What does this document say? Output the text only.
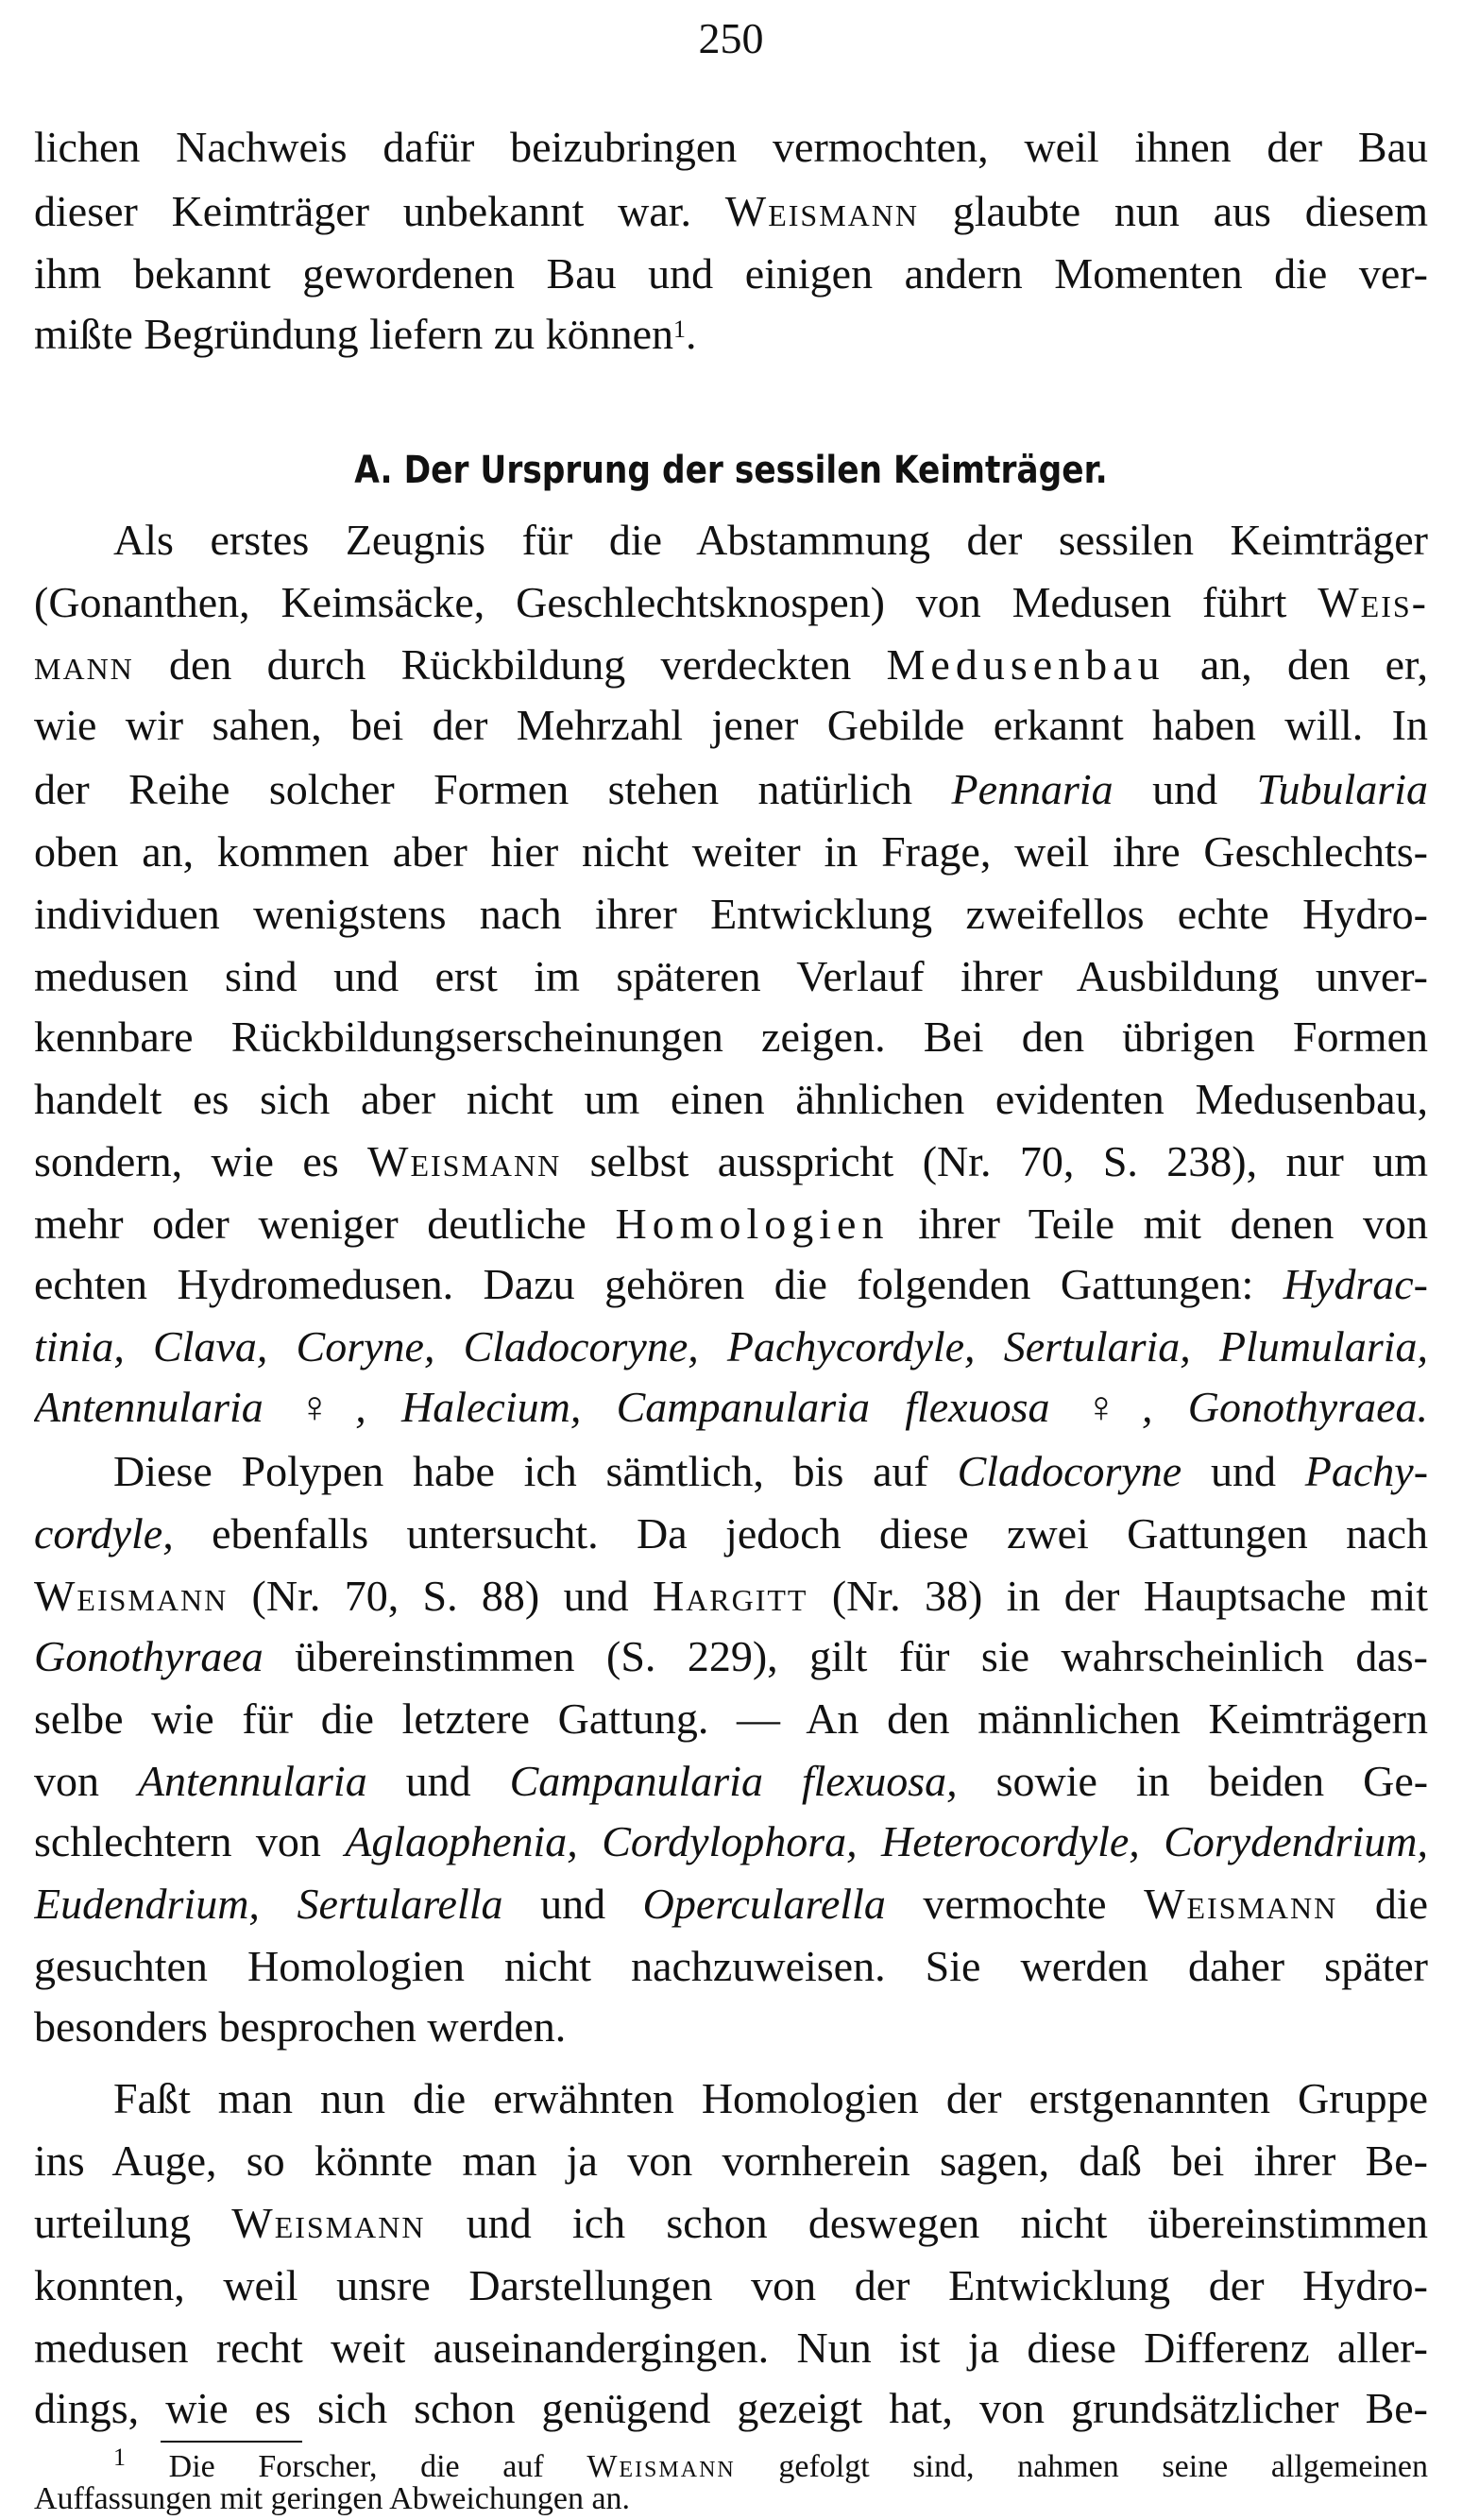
250
lichen Nachweis dafür beizubringen vermochten, weil ihnen der Bau
dieser Keimträger unbekannt war. Weismann glaubte nun aus diesem
ihm bekannt gewordenen Bau und einigen andern Momenten die ver-
mißte Begründung liefern zu können$^1$.
A. Der Ursprung der sessilen Keimträger.
Als erstes Zeugnis für die Abstammung der sessilen Keimträger
(Gonanthen, Keimsäcke, Geschlechtsknospen) von Medusen führt Weis-
mann den durch Rückbildung verdeckten Medusenbau an, den er,
wie wir sahen, bei der Mehrzahl jener Gebilde erkannt haben will. In
der Reihe solcher Formen stehen natürlich Pennaria und Tubularia
oben an, kommen aber hier nicht weiter in Frage, weil ihre Geschlechts-
individuen wenigstens nach ihrer Entwicklung zweifellos echte Hydro-
medusen sind und erst im späteren Verlauf ihrer Ausbildung unver-
kennbare Rückbildungserscheinungen zeigen. Bei den übrigen Formen
handelt es sich aber nicht um einen ähnlichen evidenten Medusenbau,
sondern, wie es Weismann selbst ausspricht (Nr. 70, S. 238), nur um
mehr oder weniger deutliche Homologien ihrer Teile mit denen von
echten Hydromedusen. Dazu gehören die folgenden Gattungen: Hydrac-
tinia, Clava, Coryne, Cladocoryne, Pachycordyle, Sertularia, Plumularia,
Antennularia ♀, Halecium, Campanularia flexuosa ♀, Gonothyraea.
Diese Polypen habe ich sämtlich, bis auf Cladocoryne und Pachy-
cordyle, ebenfalls untersucht. Da jedoch diese zwei Gattungen nach
Weismann (Nr. 70, S. 88) und Hargitt (Nr. 38) in der Hauptsache mit
Gonothyraea übereinstimmen (S. 229), gilt für sie wahrscheinlich das-
selbe wie für die letztere Gattung. — An den männlichen Keimträgern
von Antennularia und Campanularia flexuosa, sowie in beiden Ge-
schlechtern von Aglaophenia, Cordylophora, Heterocordyle, Corydendrium,
Eudendrium, Sertularella und Opercularella vermochte Weismann die
gesuchten Homologien nicht nachzuweisen. Sie werden daher später
besonders besprochen werden.
Faßt man nun die erwähnten Homologien der erstgenannten Gruppe
ins Auge, so könnte man ja von vornherein sagen, daß bei ihrer Be-
urteilung Weismann und ich schon deswegen nicht übereinstimmen
konnten, weil unsre Darstellungen von der Entwicklung der Hydro-
medusen recht weit auseinandergingen. Nun ist ja diese Differenz aller-
dings, wie es sich schon genügend gezeigt hat, von grundsätzlicher Be-
$^1$ Die Forscher, die auf Weismann gefolgt sind, nahmen seine allgemeinen
Auffassungen mit geringen Abweichungen an.
